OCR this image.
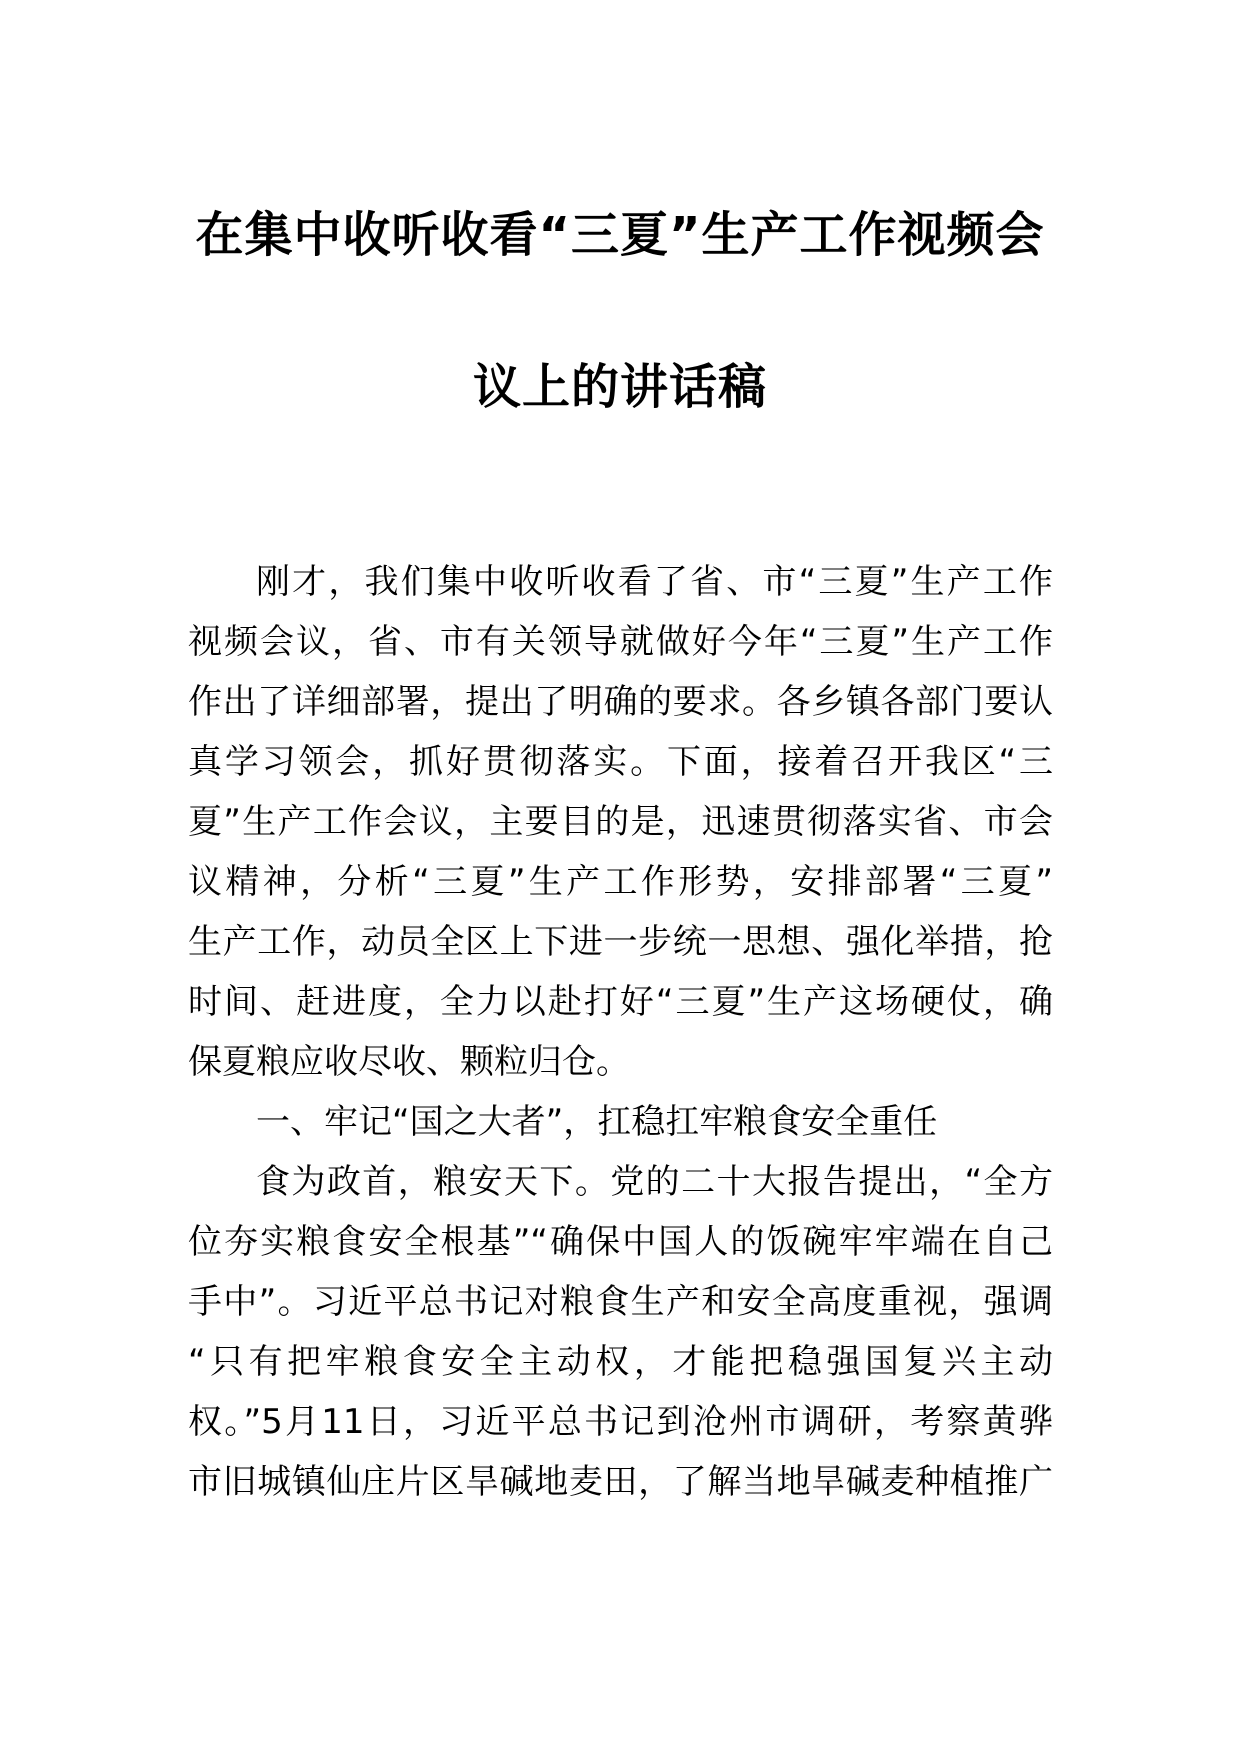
在集中收听收看“三夏”生产工作视频会
议上的讲话稿
刚才，我们集中收听收看了省、市“三夏”生产工作
视频会议，省、市有关领导就做好今年“三夏”生产工作
作出了详细部署，提出了明确的要求。各乡镇各部门要认
真学习领会，抓好贯彻落实。下面，接着召开我区“三
夏”生产工作会议，主要目的是，迅速贯彻落实省、市会
议精神，分析“三夏”生产工作形势，安排部署“三夏”
生产工作，动员全区上下进一步统一思想、强化举措，抢
时间、赶进度，全力以赴打好“三夏”生产这场硬仗，确
保夏粮应收尽收、颗粒归仓。
一、牢记“国之大者”，扛稳扛牢粮食安全重任
食为政首，粮安天下。党的二十大报告提出，“全方
位夯实粮食安全根基”“确保中国人的饭碗牢牢端在自己
手中”。习近平总书记对粮食生产和安全高度重视，强调
“只有把牢粮食安全主动权，才能把稳强国复兴主动
权。”5月11日，习近平总书记到沧州市调研，考察黄骅
市旧城镇仙庄片区旱碱地麦田，了解当地旱碱麦种植推广
